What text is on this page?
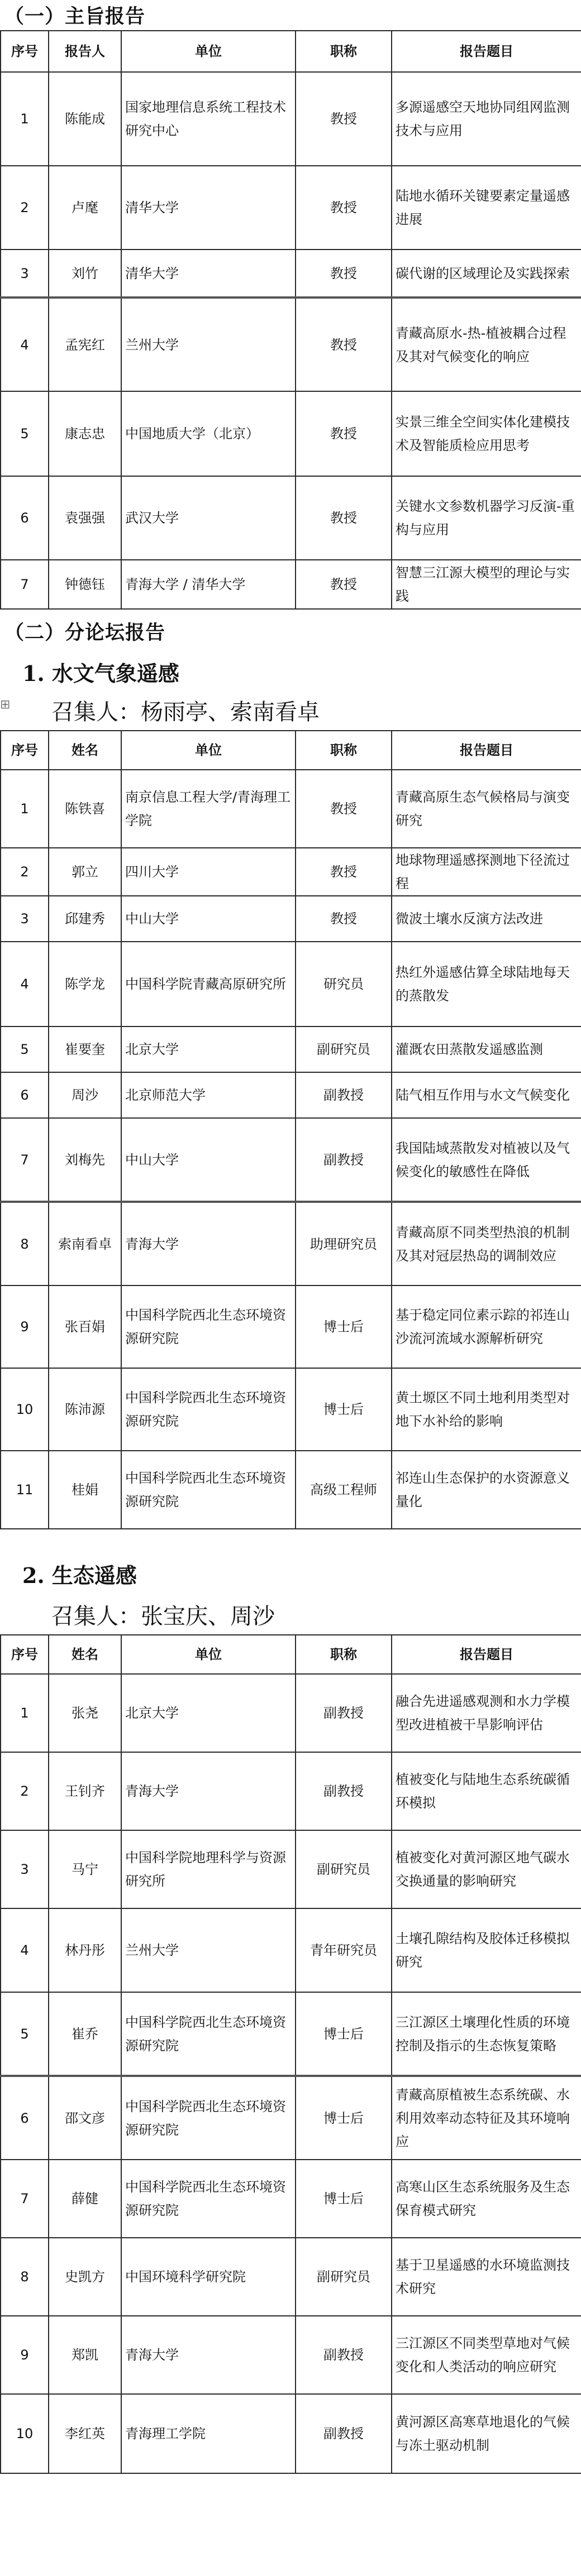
（一）主旨报告
序号	报告人	单位	职称	报告题目
1	陈能成	国家地理信息系统工程技术研究中心	教授	多源遥感空天地协同组网监测技术与应用
2	卢麾	清华大学	教授	陆地水循环关键要素定量遥感进展
3	刘竹	清华大学	教授	碳代谢的区域理论及实践探索
4	孟宪红	兰州大学	教授	青藏高原水-热-植被耦合过程及其对气候变化的响应
5	康志忠	中国地质大学（北京）	教授	实景三维全空间实体化建模技术及智能质检应用思考
6	袁强强	武汉大学	教授	关键水文参数机器学习反演-重构与应用
7	钟德钰	青海大学 / 清华大学	教授	智慧三江源大模型的理论与实践
（二）分论坛报告
1. 水文气象遥感
⊞ 召集人：杨雨亭、索南看卓
序号	姓名	单位	职称	报告题目
1	陈铁喜	南京信息工程大学/青海理工学院	教授	青藏高原生态气候格局与演变研究
2	郭立	四川大学	教授	地球物理遥感探测地下径流过程
3	邱建秀	中山大学	教授	微波土壤水反演方法改进
4	陈学龙	中国科学院青藏高原研究所	研究员	热红外遥感估算全球陆地每天的蒸散发
5	崔要奎	北京大学	副研究员	灌溉农田蒸散发遥感监测
6	周沙	北京师范大学	副教授	陆气相互作用与水文气候变化
7	刘梅先	中山大学	副教授	我国陆域蒸散发对植被以及气候变化的敏感性在降低
8	索南看卓	青海大学	助理研究员	青藏高原不同类型热浪的机制及其对冠层热岛的调制效应
9	张百娟	中国科学院西北生态环境资源研究院	博士后	基于稳定同位素示踪的祁连山沙流河流域水源解析研究
10	陈沛源	中国科学院西北生态环境资源研究院	博士后	黄土塬区不同土地利用类型对地下水补给的影响
11	桂娟	中国科学院西北生态环境资源研究院	高级工程师	祁连山生态保护的水资源意义量化
2. 生态遥感
召集人：张宝庆、周沙
序号	姓名	单位	职称	报告题目
1	张尧	北京大学	副教授	融合先进遥感观测和水力学模型改进植被干旱影响评估
2	王钊齐	青海大学	副教授	植被变化与陆地生态系统碳循环模拟
3	马宁	中国科学院地理科学与资源研究所	副研究员	植被变化对黄河源区地气碳水交换通量的影响研究
4	林丹彤	兰州大学	青年研究员	土壤孔隙结构及胶体迁移模拟研究
5	崔乔	中国科学院西北生态环境资源研究院	博士后	三江源区土壤理化性质的环境控制及指示的生态恢复策略
6	邵文彦	中国科学院西北生态环境资源研究院	博士后	青藏高原植被生态系统碳、水利用效率动态特征及其环境响应
7	薛健	中国科学院西北生态环境资源研究院	博士后	高寒山区生态系统服务及生态保育模式研究
8	史凯方	中国环境科学研究院	副研究员	基于卫星遥感的水环境监测技术研究
9	郑凯	青海大学	副教授	三江源区不同类型草地对气候变化和人类活动的响应研究
10	李红英	青海理工学院	副教授	黄河源区高寒草地退化的气候与冻土驱动机制
